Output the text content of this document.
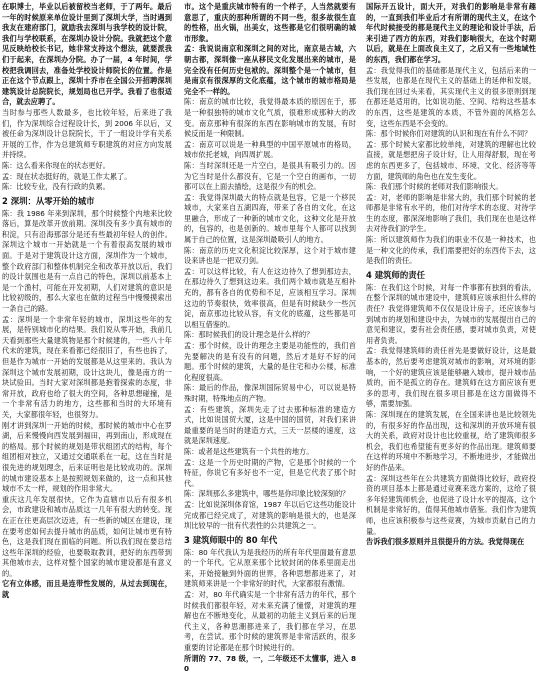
在职博士，毕业以后被留校当老师，于了两年。最后一年的时候原来单位设计里到了深圳大学，当时遇到我友在建府部门，就励我去深圳与我学校的设计院，我们与学校联系，在深圳办设计分院。我就把这个意见反映给校长书记，她非常支持这个想法，就要派我们于起来，在深圳办分院。办了一届，4 年时间，学校把我调回去，准备处学校设计师院长的位置。作是正在这个节点跟上，深圳十乔市在全国公开招聘深圳建筑设计总院院长，规划局也已开学。我看了也很适合，就去应聘了。

当时参与那些人数最多，也比较年轻，后来进了我们，作为深圳综合过程设计长，到 2006 年以后，又被任命为深圳设计总院院长，干了一组设计学有关系开展的工作，作为总建筑师专职建筑的对应方向发展并持续。

陈：这么看来你现在的状态更好。

孟：现在状态挺好的，就是工作太累了。

陈：比较专业，没有行政的负累。

2 深圳：从零开始的城市

陈：我 1986 年来到深圳，那个时候整个内地来比较落后，算是改革开放前期。深圳没有多少真有城市的积淀，只有沿海那部分是还有些最初年轻人的创作。深圳这个城市一开始就是一个有着很高发展的城市面。于是对于建筑设计这方面，深圳作为一个城市，整个政府部门和整体机制完全和改革开放以后，我们的设计氛围也是有一点自己的特色，深圳以前基本上是一个渔村，可能在开发初期，人们对建筑的意识是比较初级的，那么大家也在做的过程当中慢慢摸索出一条自己的路。

孟：深圳是一个非常年轻的城市，深圳这些年的发展，是特别城市化的结果。我们说从零开始，我前几天看到那些大量建筑物是那个时候建的，一些八十年代末的建筑，现在来看都已经很旧了，有些也拆了，但是作为城市一开始的发展都是从这里来的。我认为深圳这个城市发展初期，设计这块儿，像是南方的一块试验田。当时大家对深圳都是抱着探索的态度，非常开放，政府也给了很大的空间，各种思想碰撞，是一个非常有活力的地方，这些都和当时的大环境有关，大家都很年轻，也很努力。

刚才讲到深圳一开始的时候，那时候的城市中心在罗湖，后来慢慢向西发展到福田，再到南山，形成现在的格局。那个时候的规划是带状组团式的结构，每个组团相对独立，又通过交通联系在一起，这在当时是很先进的规划理念，后来证明也是比较成功的。深圳的城市建设基本上是按照规划来做的，这一点和其他城市不太一样，规划的作用非常大。

重庆这几年发展很快，它作为直辖市以后有很多机会，市政建设和城市品质这一几年有很大的转变。现在正在往更高层次迈进，有一些新的城区在建设，现在要考虑如何去提升城市的品质，如何让城市更有特色，这是我们现在面临的问题。所以我们现在要总结这些年深圳的经验，也要吸取教训，把好的东西带到其他城市去，这样对整个国家的城市建设都是有意义的。

它有立体感，而且是连带性发展的，从过去到现在，就

市。这个是重庆城市特有的一个样子，人当然就要有意思了，重庆的那种所谓的不同一些，很多故很生直的性格，出火锅，出美女，这些都是它们很明确的城市形象。

孟：我说说南京和深圳之间的对比，南京是古城，六朝古都，深圳像一座从移民文化发展出来的城市，是完全没有任何历史包袱的。深圳整个是一个城市，但是南京有很深厚的文化底蕴，这个城市的城市格局是完全不一样的。

陈：南京的城市比较，我觉得最本质的原因在于，那是一种很独特的城市文化气质，很难形成那种大的改变。南京那种有很深的东西在影响城市的发展，有时候反而是一种限制。

孟：南京可以说是一种典型的中国平原城市的格局，城市依托老城，向四周扩展。

陈：当时深圳还是一片空白，是很具有吸引力的。因为它当时是什么都没有，它是一个空白的画布，一切都可以在上面去描绘，这是很少有的机会。

孟：我觉得深圳最大的特点就是包容，它是一个移民城市，大家来自五湖四海，带来了各自的文化，在这里融合，形成了一种新的城市文化，这种文化是开放的，包容的，也是创新的。城市里每个人都可以找到属于自己的位置，这是深圳最吸引人的地方。

陈：南京的历史文化积淀比较深厚，这个对于城市建设来讲也是一把双刃剑。

孟：可以这样比较，有人在这边待久了想到那边去，在那边待久了想到这边来。我们两个城市就是互相补充的，都有各自的优势和不足，应该相互学习。深圳这边的节奏很快，效率很高，但是有时候缺少一些沉淀，南京那边比较从容，有文化的底蕴，这些都是可以相互借鉴的。

陈：那时候我们的设计理念是什么样的？

孟：那个时候，设计的理念主要是功能性的，我们首先要解决的是有没有的问题，然后才是好不好的问题。那个时候的建筑，大量的是住宅和办公楼，标准化程度很高。

陈：最后的作品，像深圳国际贸易中心，可以说是特殊时期，特殊地点的产物。

孟：有些建筑，深圳先走了过去那种标准的建造方式，比如说国贸大厦，这是中国的国贸，对我们来讲最重要的是当时的建造方式，三天一层楼的速度，这就是深圳速度。

陈：或者是这些建筑有一个共性的地方。

孟：这是一个历史时期的产物，它是那个时候的一个特征，你说它有多好也不一定，但是它代表了那个时代。

陈：深圳那么多建筑中，哪些是你印象比较深刻的？

孟：比如说深圳体育馆，1987 年以后它这些功能设计完成都已经完成了，对建筑的影响是很大的，也是深圳比较早的一批有代表性的公共建筑之一。

3 建筑师眼中的 80 年代

陈：80 年代我认为是我经历的所有年代里面最有意思的一个年代。它从原来那个比较封闭的体系里面走出来，开始接触到外面的世界，各种思想都进来了，对建筑师来讲是一个非常好的时代，大家都很有激情。

孟：对，80 年代确实是一个非常有活力的年代，那个时候我们都很年轻，对未来充满了憧憬，对建筑的理解也在不断地变化，从最初的功能主义到后来的后现代主义，各种思潮都进来了，我们都在学习，在思考，在尝试。那个时候的建筑界是非常活跃的，很多重要的讨论都是在那个时候进行的。

所谓的 77、78 级，一，二年级还不太懂事，进入 80

国际开五设计，面大开，对我们的影响是非常有趣的，一直到我们毕业后才有所谓的现代主义，在这个年代时候接受的都是现代主义的理论和设计手法，后来引进了西方的东西，对我们影响很大，在这个时期以后，就是在上面改良主义了，之后又有一些地域性的东西，我们都在学习。

孟：我觉得我们的基础都是现代主义，包括后来的一些发展，也都是在现代主义的基础上的延伸和发展，我们现在回过头来看，其实现代主义的很多原则到现在都还是适用的，比如说功能、空间、结构这些基本的东西，这些是建筑的本质，不管外面的风格怎么变，这些东西是不会变的。

陈：那个时候你们对建筑的认识和现在有什么不同？

孟：那个时候大家都比较单纯，对建筑的理解也比较直接，就是想把房子设计好，让人用得舒服，现在考虑的东西更多了，包括城市、环境、文化、经济等等方面，建筑师的角色也在发生变化。

陈：我们那个时候的老师对我们影响很大。

孟：对，老师的影响是非常大的，我们那个时候的老师都是非常有水平的，他们对待学术的态度、对待学生的态度，都深深地影响了我们，我们现在也是这样去对待我们的学生。

陈：所以建筑师作为我们的职业不仅是一种技术，也是一种文化的传承，我们需要把好的东西传下去，这是我们的责任。

4 建筑师的责任

陈：在我们这个时候，对每一件事都有独到的看法，在整个深圳的城市建设中，建筑师应该承担什么样的责任？我觉得建筑师不仅仅是设计房子，还应该参与到城市的规划和建设中去，为城市的发展提出自己的意见和建议，要有社会责任感，要对城市负责，对使用者负责。

孟：我觉得建筑师的责任首先是要做好设计，这是最基本的，然后要考虑建筑对城市的影响，对环境的影响，一个好的建筑应该是能够融入城市，提升城市品质的，而不是孤立的存在。建筑师在这方面应该有更多的思考，我们现在很多项目都是在这方面做得不够，需要加强。

陈：深圳现在的建筑发展，在全国来讲也是比较领先的，有很多好的作品出现，这和深圳的开放环境有很大的关系，政府对设计也比较重视，给了建筑师很多机会，我们也希望能有更多好的作品出现。建筑师要在这样的环境中不断地学习，不断地进步，才能做出好的作品来。

孟：深圳这些年在公共建筑方面做得比较好，政府投资的项目基本上都是通过竞赛来选方案的，这给了很多年轻建筑师机会，也促进了设计水平的提高，这个机制是非常好的，值得其他城市借鉴。我们作为建筑师，也应该积极参与这些竞赛，为城市贡献自己的力量。

告诉我们很多原则并且很提升的方法。我觉得现在
